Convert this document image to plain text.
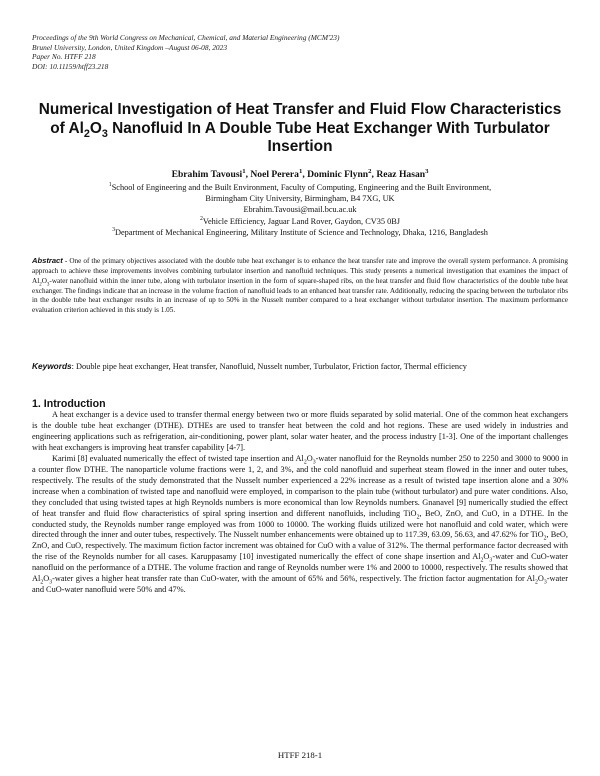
Proceedings of the 9th World Congress on Mechanical, Chemical, and Material Engineering (MCM'23)
Brunel University, London, United Kingdom –August 06-08, 2023
Paper No. HTFF 218
DOI: 10.11159/htff23.218
Numerical Investigation of Heat Transfer and Fluid Flow Characteristics
of $Al_2O_3$ Nanofluid In A Double Tube Heat Exchanger With Turbulator
Insertion
Ebrahim Tavousi$^1$, Noel Perera$^1$, Dominic Flynn$^2$, Reaz Hasan$^3$
$^1$School of Engineering and the Built Environment, Faculty of Computing, Engineering and the Built Environment,
Birmingham City University, Birmingham, B4 7XG, UK
Ebrahim.Tavousi@mail.bcu.ac.uk
$^2$Vehicle Efficiency, Jaguar Land Rover, Gaydon, CV35 0BJ
$^3$Department of Mechanical Engineering, Military Institute of Science and Technology, Dhaka, 1216, Bangladesh
Abstract - One of the primary objectives associated with the double tube heat exchanger is to enhance the heat transfer rate and improve the overall system performance. A promising approach to achieve these improvements involves combining turbulator insertion and nanofluid techniques. This study presents a numerical investigation that examines the impact of $Al_2O_3$-water nanofluid within the inner tube, along with turbulator insertion in the form of square-shaped ribs, on the heat transfer and fluid flow characteristics of the double tube heat exchanger. The findings indicate that an increase in the volume fraction of nanofluid leads to an enhanced heat transfer rate. Additionally, reducing the spacing between the turbulator ribs in the double tube heat exchanger results in an increase of up to 50% in the Nusselt number compared to a heat exchanger without turbulator insertion. The maximum performance evaluation criterion achieved in this study is 1.05.
Keywords: Double pipe heat exchanger, Heat transfer, Nanofluid, Nusselt number, Turbulator, Friction factor, Thermal efficiency
1. Introduction

A heat exchanger is a device used to transfer thermal energy between two or more fluids separated by solid material. One of the common heat exchangers is the double tube heat exchanger (DTHE). DTHEs are used to transfer heat between the cold and hot regions. These are used widely in industries and engineering applications such as refrigeration, air-conditioning, power plant, solar water heater, and the process industry [1-3]. One of the important challenges with heat exchangers is improving heat transfer capability [4-7].

Karimi [8] evaluated numerically the effect of twisted tape insertion and $Al_2O_3$-water nanofluid for the Reynolds number 250 to 2250 and 3000 to 9000 in a counter flow DTHE. The nanoparticle volume fractions were 1, 2, and 3%, and the cold nanofluid and superheat steam flowed in the inner and outer tubes, respectively. The results of the study demonstrated that the Nusselt number experienced a 22% increase as a result of twisted tape insertion alone and a 30% increase when a combination of twisted tape and nanofluid were employed, in comparison to the plain tube (without turbulator) and pure water conditions. Also, they concluded that using twisted tapes at high Reynolds numbers is more economical than low Reynolds numbers. Gnanavel [9] numerically studied the effect of heat transfer and fluid flow characteristics of spiral spring insertion and different nanofluids, including TiO$_2$, BeO, ZnO, and CuO, in a DTHE. In the conducted study, the Reynolds number range employed was from 1000 to 10000. The working fluids utilized were hot nanofluid and cold water, which were directed through the inner and outer tubes, respectively. The Nusselt number enhancements were obtained up to 117.39, 63.09, 56.63, and 47.62% for TiO$_2$, BeO, ZnO, and CuO, respectively. The maximum fiction factor increment was obtained for CuO with a value of 312%. The thermal performance factor decreased with the rise of the Reynolds number for all cases. Karuppasamy [10] investigated numerically the effect of cone shape insertion and $Al_2O_3$-water and CuO-water nanofluid on the performance of a DTHE. The volume fraction and range of Reynolds number were 1% and 2000 to 10000, respectively. The results showed that $Al_2O_3$-water gives a higher heat transfer rate than CuO-water, with the amount of 65% and 56%, respectively. The friction factor augmentation for $Al_2O_3$-water and CuO-water nanofluid were 50% and 47%.

HTFF 218-1
